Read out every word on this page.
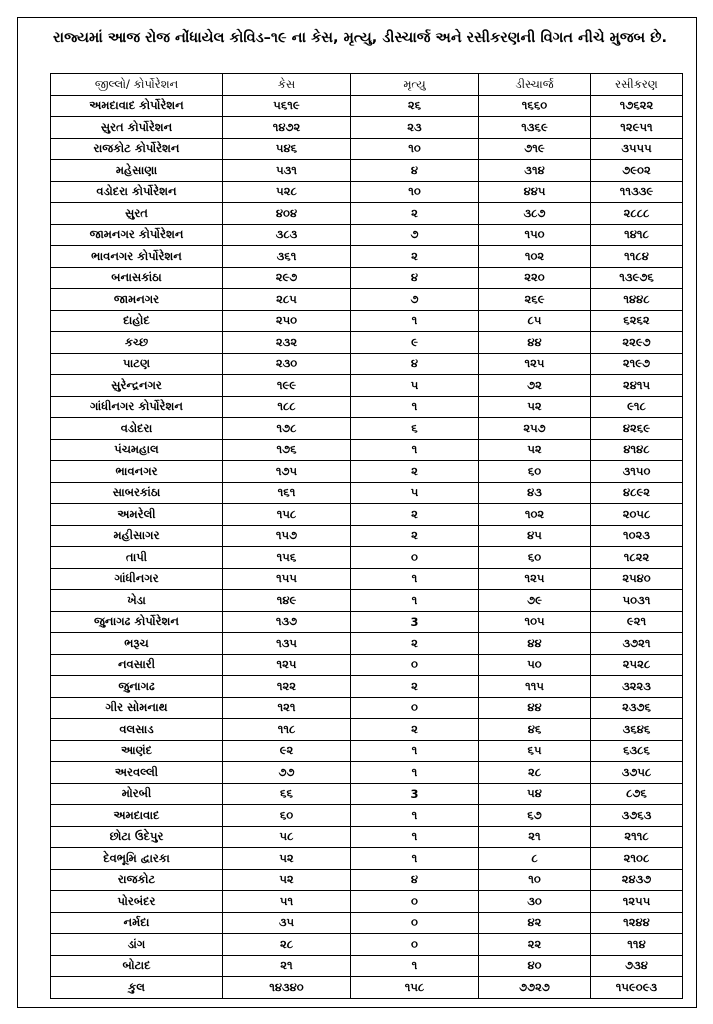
રાજ્યમાં આજ રોજ નોંધાયેલ કોવિડ–૧૯ ના કેસ, મૃત્યુ, ડીસ્ચાર્જ અને રસીકરણની વિગત નીચે મુજબ છે.
જીલ્લો/ કોર્પોરેશન	કેસ	મૃત્યુ	ડીસ્ચાર્જ	રસીકરણ
અમદાવાદ કોર્પોરેશન	૫૬૧૯	૨૬	૧૬૬૦	૧૭૬૨૨
સુરત કોર્પોરેશન	૧૪૭૨	૨૩	૧૩૬૯	૧૨૯૫૧
રાજકોટ કોર્પોરેશન	૫૪૬	૧૦	૭૧૯	૩૫૫૫
મહેસાણા	૫૩૧	૪	૩૧૪	૭૯૦૨
વડોદરા કોર્પોરેશન	૫૨૮	૧૦	૪૪૫	૧૧૩૩૯
સુરત	૪૦૪	૨	૩૮૭	૨૮૮૮
જામનગર કોર્પોરેશન	૩૮૩	૭	૧૫૦	૧૪૧૮
ભાવનગર કોર્પોરેશન	૩૬૧	૨	૧૦૨	૧૧૮૪
બનાસકાંઠા	૨૯૭	૪	૨૨૦	૧૩૯૭૬
જામનગર	૨૮૫	૭	૨૬૯	૧૪૪૮
દાહોદ	૨૫૦	૧	૮૫	૬૨૬૨
કચ્છ	૨૩૨	૯	૪૪	૨૨૯૭
પાટણ	૨૩૦	૪	૧૨૫	૨૧૯૭
સુરેન્દ્રનગર	૧૯૯	૫	૭૨	૨૪૧૫
ગાંધીનગર કોર્પોરેશન	૧૮૮	૧	૫૨	૯૧૮
વડોદરા	૧૭૮	૬	૨૫૭	૪૨૬૯
પંચમહાલ	૧૭૬	૧	૫૨	૪૧૪૮
ભાવનગર	૧૭૫	૨	૬૦	૩૧૫૦
સાબરકાંઠા	૧૬૧	૫	૪૩	૪૮૯૨
અમરેલી	૧૫૮	૨	૧૦૨	૨૦૫૮
મહીસાગર	૧૫૭	૨	૪૫	૧૦૨૩
તાપી	૧૫૬	૦	૬૦	૧૮૨૨
ગાંધીનગર	૧૫૫	૧	૧૨૫	૨૫૪૦
ખેડા	૧૪૯	૧	૭૯	૫૦૩૧
જુનાગઢ કોર્પોરેશન	૧૩૭	3	૧૦૫	૯૨૧
ભરૂચ	૧૩૫	૨	૪૪	૩૭૨૧
નવસારી	૧૨૫	૦	૫૦	૨૫૨૮
જુનાગઢ	૧૨૨	૨	૧૧૫	૩૨૨૩
ગીર સોમનાથ	૧૨૧	૦	૪૪	૨૩૭૬
વલસાડ	૧૧૮	૨	૪૬	૩૬૪૬
આણંદ	૯૨	૧	૬૫	૬૩૮૬
અરવલ્લી	૭૭	૧	૨૮	૩૭૫૮
મોરબી	૬૬	3	૫૪	૮૭૬
અમદાવાદ	૬૦	૧	૬૭	૩૭૬૩
છોટા ઉદેપુર	૫૮	૧	૨૧	૨૧૧૮
દેવભૂમિ દ્વારકા	૫૨	૧	૮	૨૧૦૮
રાજકોટ	૫૨	૪	૧૦	૨૪૩૭
પોરબંદર	૫૧	૦	૩૦	૧૨૫૫
નર્મદા	૩૫	૦	૪૨	૧૨૪૪
ડાંગ	૨૮	૦	૨૨	૧૧૪
બોટાદ	૨૧	૧	૪૦	૭૩૪
કુલ	૧૪૩૪૦	૧૫૮	૭૭૨૭	૧૫૯૦૯૩
